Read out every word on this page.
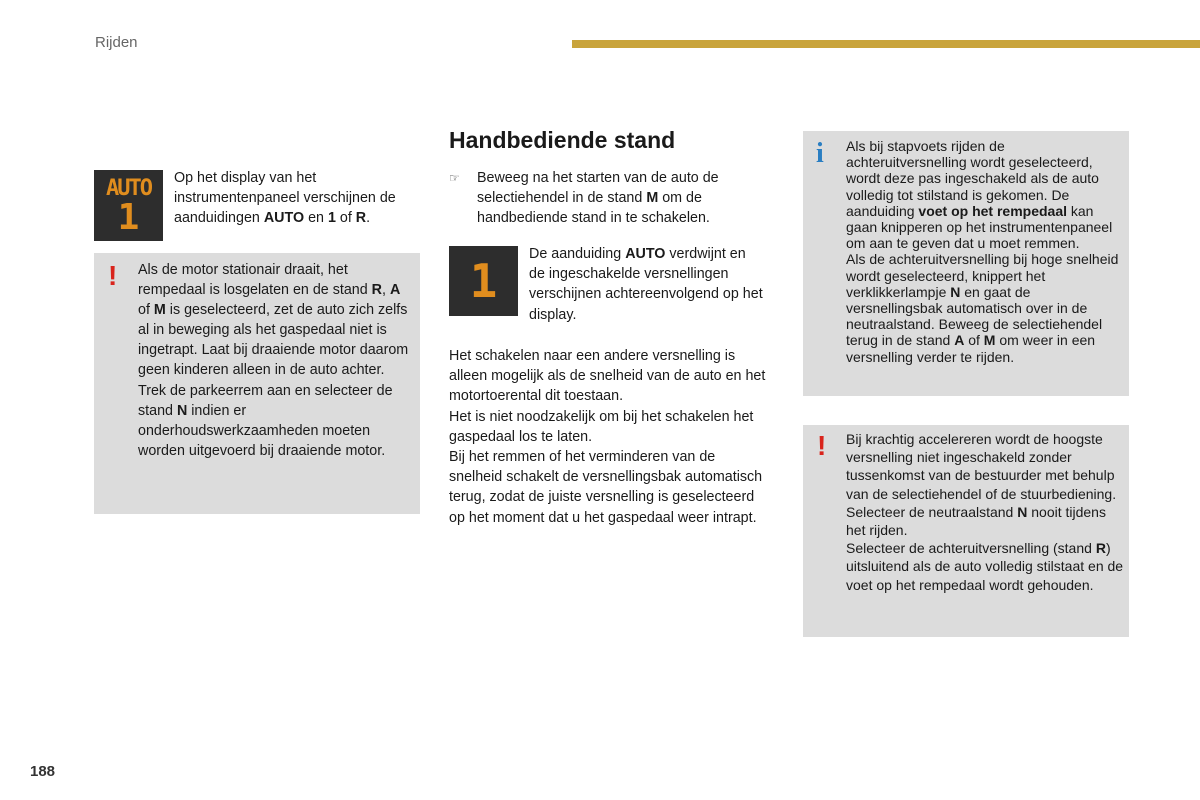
Rijden
AUTO
1

Op het display van het instrumentenpaneel verschijnen de aanduidingen AUTO en 1 of R.

! Als de motor stationair draait, het rempedaal is losgelaten en de stand R, A of M is geselecteerd, zet de auto zich zelfs al in beweging als het gaspedaal niet is ingetrapt. Laat bij draaiende motor daarom geen kinderen alleen in de auto achter. Trek de parkeerrem aan en selecteer de stand N indien er onderhoudswerkzaamheden moeten worden uitgevoerd bij draaiende motor.

Handbediende stand
☞ Beweeg na het starten van de auto de selectiehendel in de stand M om de handbediende stand in te schakelen.

1 De aanduiding AUTO verdwijnt en de ingeschakelde versnellingen verschijnen achtereenvolgend op het display.

Het schakelen naar een andere versnelling is alleen mogelijk als de snelheid van de auto en het motortoerental dit toestaan.

Het is niet noodzakelijk om bij het schakelen het gaspedaal los te laten.

Bij het remmen of het verminderen van de snelheid schakelt de versnellingsbak automatisch terug, zodat de juiste versnelling is geselecteerd op het moment dat u het gaspedaal weer intrapt.

i Als bij stapvoets rijden de achteruitversnelling wordt geselecteerd, wordt deze pas ingeschakeld als de auto volledig tot stilstand is gekomen. De aanduiding voet op het rempedaal kan gaan knipperen op het instrumentenpaneel om aan te geven dat u moet remmen.

Als de achteruitversnelling bij hoge snelheid wordt geselecteerd, knippert het verklikkerlampje N en gaat de versnellingsbak automatisch over in de neutraalstand. Beweeg de selectiehendel terug in de stand A of M om weer in een versnelling verder te rijden.

! Bij krachtig accelereren wordt de hoogste versnelling niet ingeschakeld zonder tussenkomst van de bestuurder met behulp van de selectiehendel of de stuurbediening.

Selecteer de neutraalstand N nooit tijdens het rijden.

Selecteer de achteruitversnelling (stand R) uitsluitend als de auto volledig stilstaat en de voet op het rempedaal wordt gehouden.

188
